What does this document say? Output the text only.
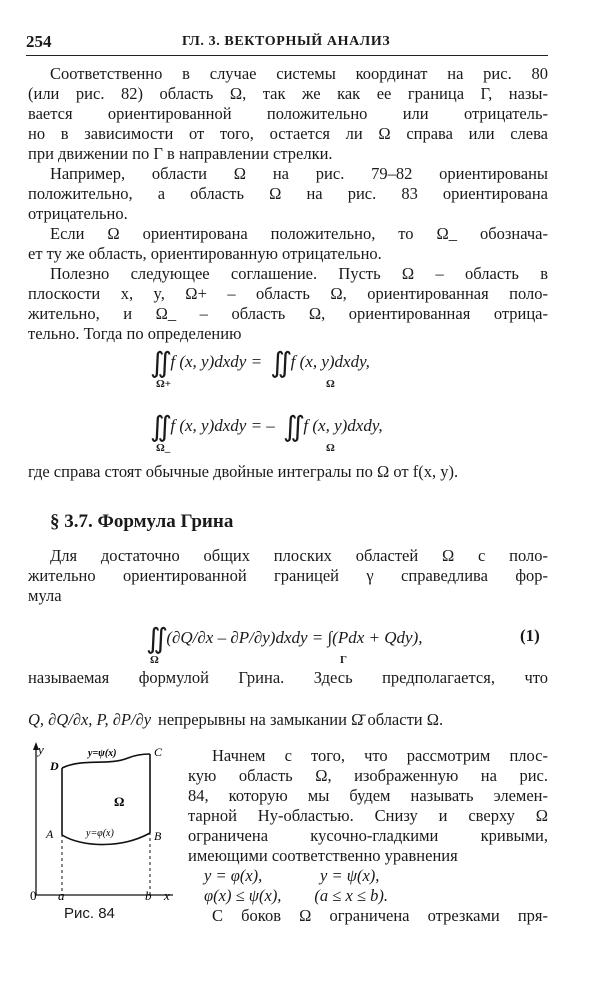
254	ГЛ. 3. ВЕКТОРНЫЙ АНАЛИЗ
Соответственно в случае системы координат на рис. 80
(или рис. 82) область Ω, так же как ее граница Γ, назы-
вается ориентированной положительно или отрицатель-
но в зависимости от того, остается ли Ω справа или слева
при движении по Γ в направлении стрелки.
Например, области Ω на рис. 79–82 ориентированы
положительно, а область Ω на рис. 83 ориентирована
отрицательно.
Если Ω ориентирована положительно, то Ω_ обознача-
ет ту же область, ориентированную отрицательно.
Полезно следующее соглашение. Пусть Ω – область в
плоскости x, y, Ω+ – область Ω, ориентированная поло-
жительно, и Ω_ – область Ω, ориентированная отрица-
тельно. Тогда по определению
∬ f (x, y)dxdy = ∬ f (x, y)dxdy,
Ω+	Ω
∬ f (x, y)dxdy = – ∬ f (x, y)dxdy,
Ω_	Ω
где справа стоят обычные двойные интегралы по Ω от f(x, y).
§ 3.7. Формула Грина
Для достаточно общих плоских областей Ω с поло-
жительно ориентированной границей γ справедлива фор-
мула
∬ (∂Q/∂x – ∂P/∂y)dxdy = ∫(Pdx + Qdy),
Ω	Γ
(1)
называемая формулой Грина. Здесь предполагается, что
Q, ∂Q/∂x, P, ∂P/∂y непрерывны на замыкании Ω̄ области Ω.
y
D
C
A	B
y=ψ(x)
y=φ(x)
Ω
0 a	b x
Рис. 84
Начнем с того, что рассмотрим плос-
кую область Ω, изображенную на рис.
84, которую мы будем называть элемен-
тарной Hy-областью. Снизу и сверху Ω
ограничена кусочно-гладкими кривыми,
имеющими соответственно уравнения
y = φ(x),              y = ψ(x),
φ(x) ≤ ψ(x),        (a ≤ x ≤ b).
С боков Ω ограничена отрезками пря-
